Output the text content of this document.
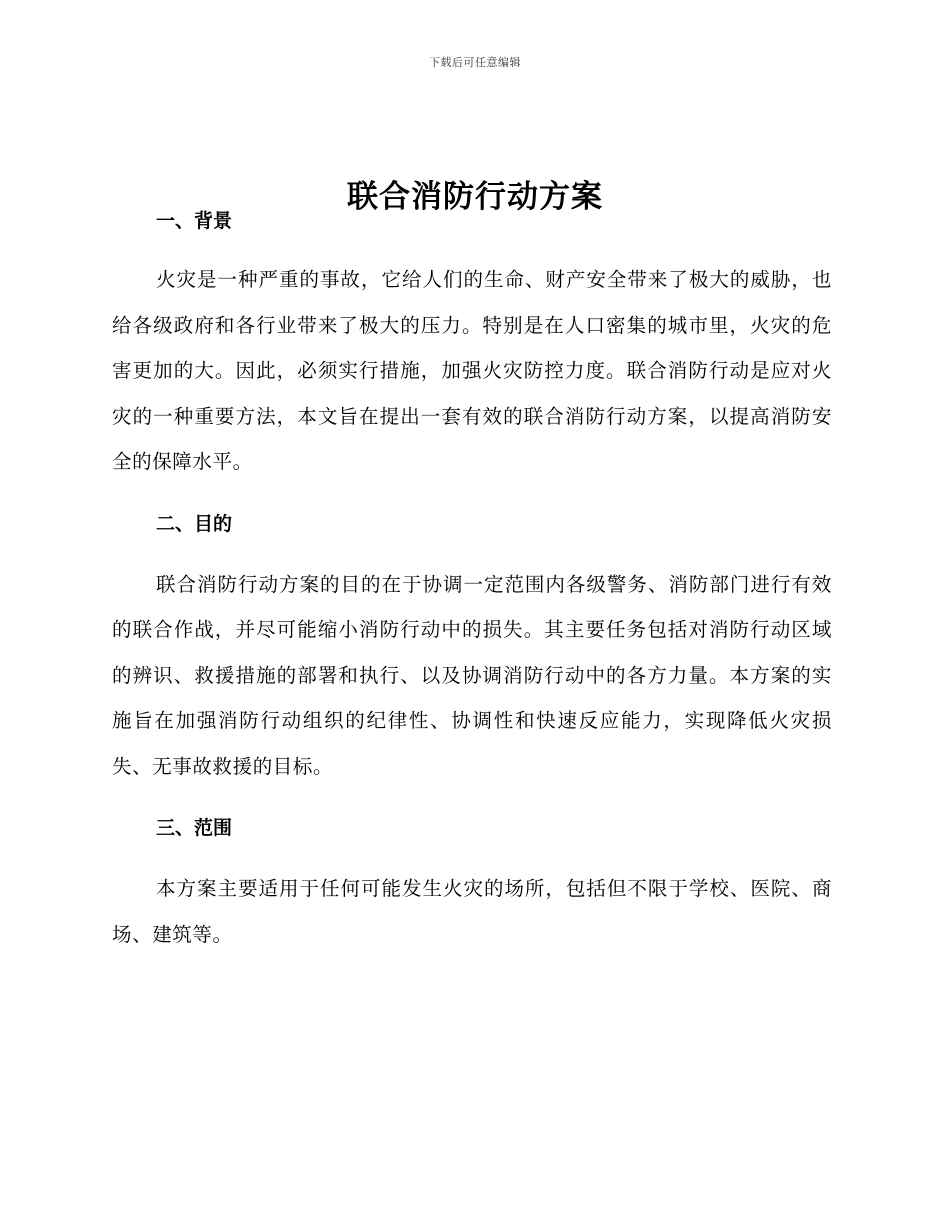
下载后可任意编辑
联合消防行动方案
一、背景

火灾是一种严重的事故，它给人们的生命、财产安全带来了极大的威胁，也给各级政府和各行业带来了极大的压力。特别是在人口密集的城市里，火灾的危害更加的大。因此，必须实行措施，加强火灾防控力度。联合消防行动是应对火灾的一种重要方法，本文旨在提出一套有效的联合消防行动方案，以提高消防安全的保障水平。

二、目的

联合消防行动方案的目的在于协调一定范围内各级警务、消防部门进行有效的联合作战，并尽可能缩小消防行动中的损失。其主要任务包括对消防行动区域的辨识、救援措施的部署和执行、以及协调消防行动中的各方力量。本方案的实施旨在加强消防行动组织的纪律性、协调性和快速反应能力，实现降低火灾损失、无事故救援的目标。

三、范围

本方案主要适用于任何可能发生火灾的场所，包括但不限于学校、医院、商场、建筑等。
